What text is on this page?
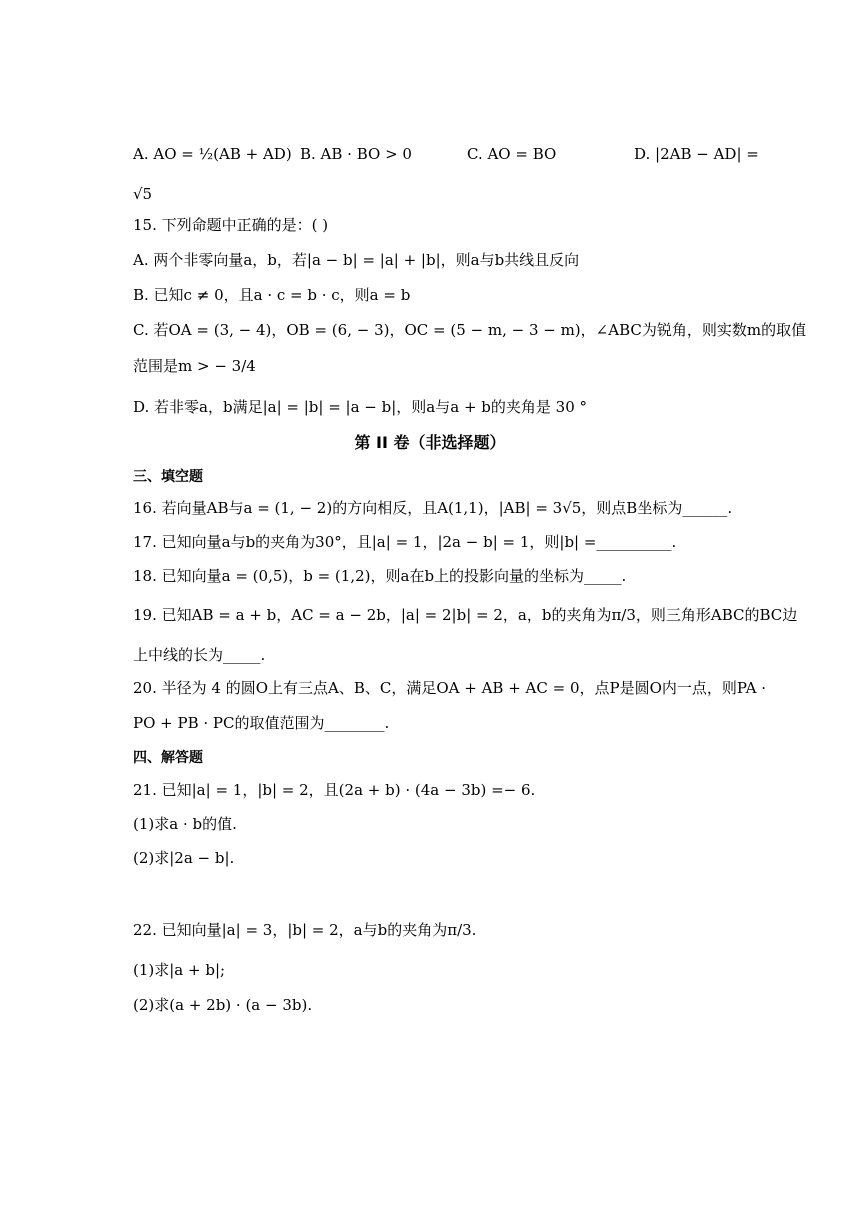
A. AO = ½(AB + AD) B. AB · BO > 0	C. AO = BO	D. |2AB − AD| =
√5
15. 下列命题中正确的是：( )
A. 两个非零向量a，b，若|a − b| = |a| + |b|，则a与b共线且反向
B. 已知c ≠ 0，且a · c = b · c，则a = b
C. 若OA = (3, − 4)，OB = (6, − 3)，OC = (5 − m, − 3 − m)，∠ABC为锐角，则实数m的取值
范围是m > − 3/4
D. 若非零a，b满足|a| = |b| = |a − b|，则a与a + b的夹角是 30 °
第 II 卷（非选择题）
三、填空题
16. 若向量AB与a = (1, − 2)的方向相反，且A(1,1)，|AB| = 3√5，则点B坐标为______.
17. 已知向量a与b的夹角为30°，且|a| = 1，|2a − b| = 1，则|b| =__________.
18. 已知向量a = (0,5)，b = (1,2)，则a在b上的投影向量的坐标为_____.
19. 已知AB = a + b，AC = a − 2b，|a| = 2|b| = 2，a，b的夹角为π/3，则三角形ABC的BC边
上中线的长为_____.
20. 半径为 4 的圆O上有三点A、B、C，满足OA + AB + AC = 0，点P是圆O内一点，则PA ·
PO + PB · PC的取值范围为________.
四、解答题
21. 已知|a| = 1，|b| = 2，且(2a + b) · (4a − 3b) =− 6.
(1)求a · b的值.
(2)求|2a − b|.
22. 已知向量|a| = 3，|b| = 2，a与b的夹角为π/3.
(1)求|a + b|;
(2)求(a + 2b) · (a − 3b).
